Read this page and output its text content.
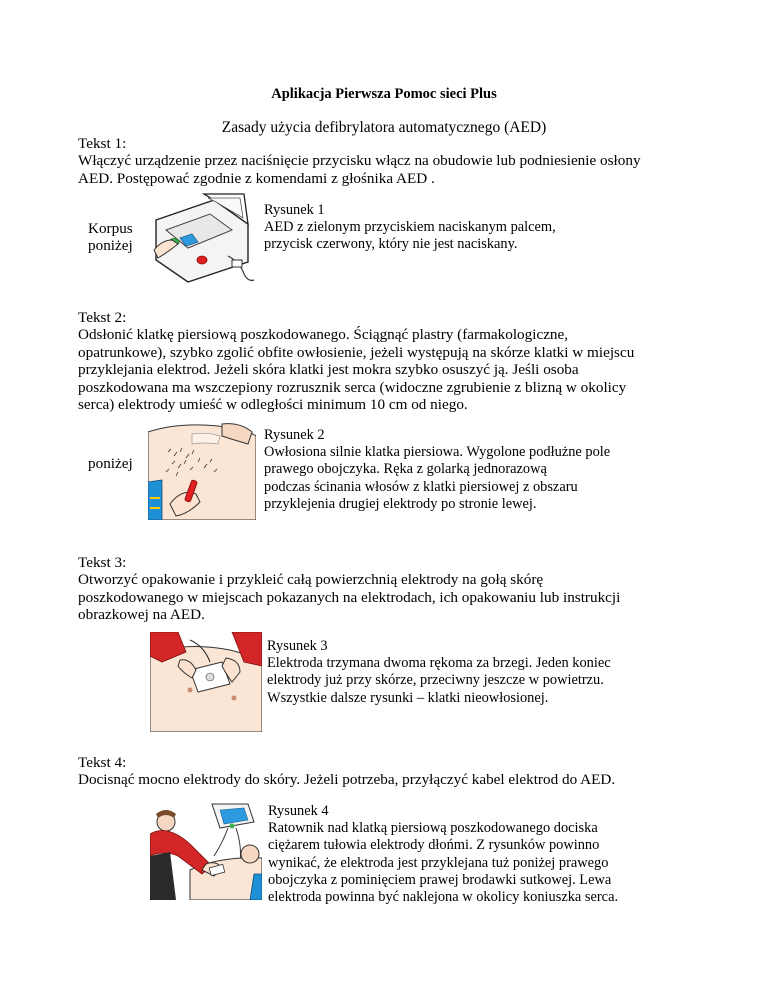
Aplikacja Pierwsza Pomoc sieci Plus
Zasady użycia defibrylatora automatycznego (AED)
Tekst 1:
Włączyć urządzenie przez naciśnięcie przycisku włącz na obudowie lub podniesienie osłony
AED. Postępować zgodnie z komendami z głośnika AED .
Korpus
poniżej
Rysunek 1
AED z zielonym przyciskiem naciskanym palcem,
przycisk czerwony, który nie jest naciskany.
Tekst 2:
Odsłonić klatkę piersiową poszkodowanego. Ściągnąć plastry (farmakologiczne,
opatrunkowe), szybko zgolić obfite owłosienie, jeżeli występują na skórze klatki w miejscu
przyklejania elektrod. Jeżeli skóra klatki jest mokra szybko osuszyć ją. Jeśli osoba
poszkodowana ma wszczepiony rozrusznik serca (widoczne zgrubienie z blizną w okolicy
serca) elektrody umieść w odległości minimum 10 cm od niego.
poniżej
Rysunek 2
Owłosiona silnie klatka piersiowa. Wygolone podłużne pole
prawego obojczyka. Ręka z golarką jednorazową
podczas ścinania włosów z klatki piersiowej z obszaru
przyklejenia drugiej elektrody po stronie lewej.
Tekst 3:
Otworzyć opakowanie i przykleić całą powierzchnią elektrody na gołą skórę
poszkodowanego w miejscach pokazanych na elektrodach, ich opakowaniu lub instrukcji
obrazkowej na AED.
Rysunek 3
Elektroda trzymana dwoma rękoma za brzegi. Jeden koniec
elektrody już przy skórze, przeciwny jeszcze w powietrzu.
Wszystkie dalsze rysunki – klatki nieowłosionej.
Tekst 4:
Docisnąć mocno elektrody do skóry. Jeżeli potrzeba, przyłączyć kabel elektrod do AED.
Rysunek 4
Ratownik nad klatką piersiową poszkodowanego dociska
ciężarem tułowia elektrody dłońmi. Z rysunków powinno
wynikać, że elektroda jest przyklejana tuż poniżej prawego
obojczyka z pominięciem prawej brodawki sutkowej. Lewa
elektroda powinna być naklejona w okolicy koniuszka serca.
